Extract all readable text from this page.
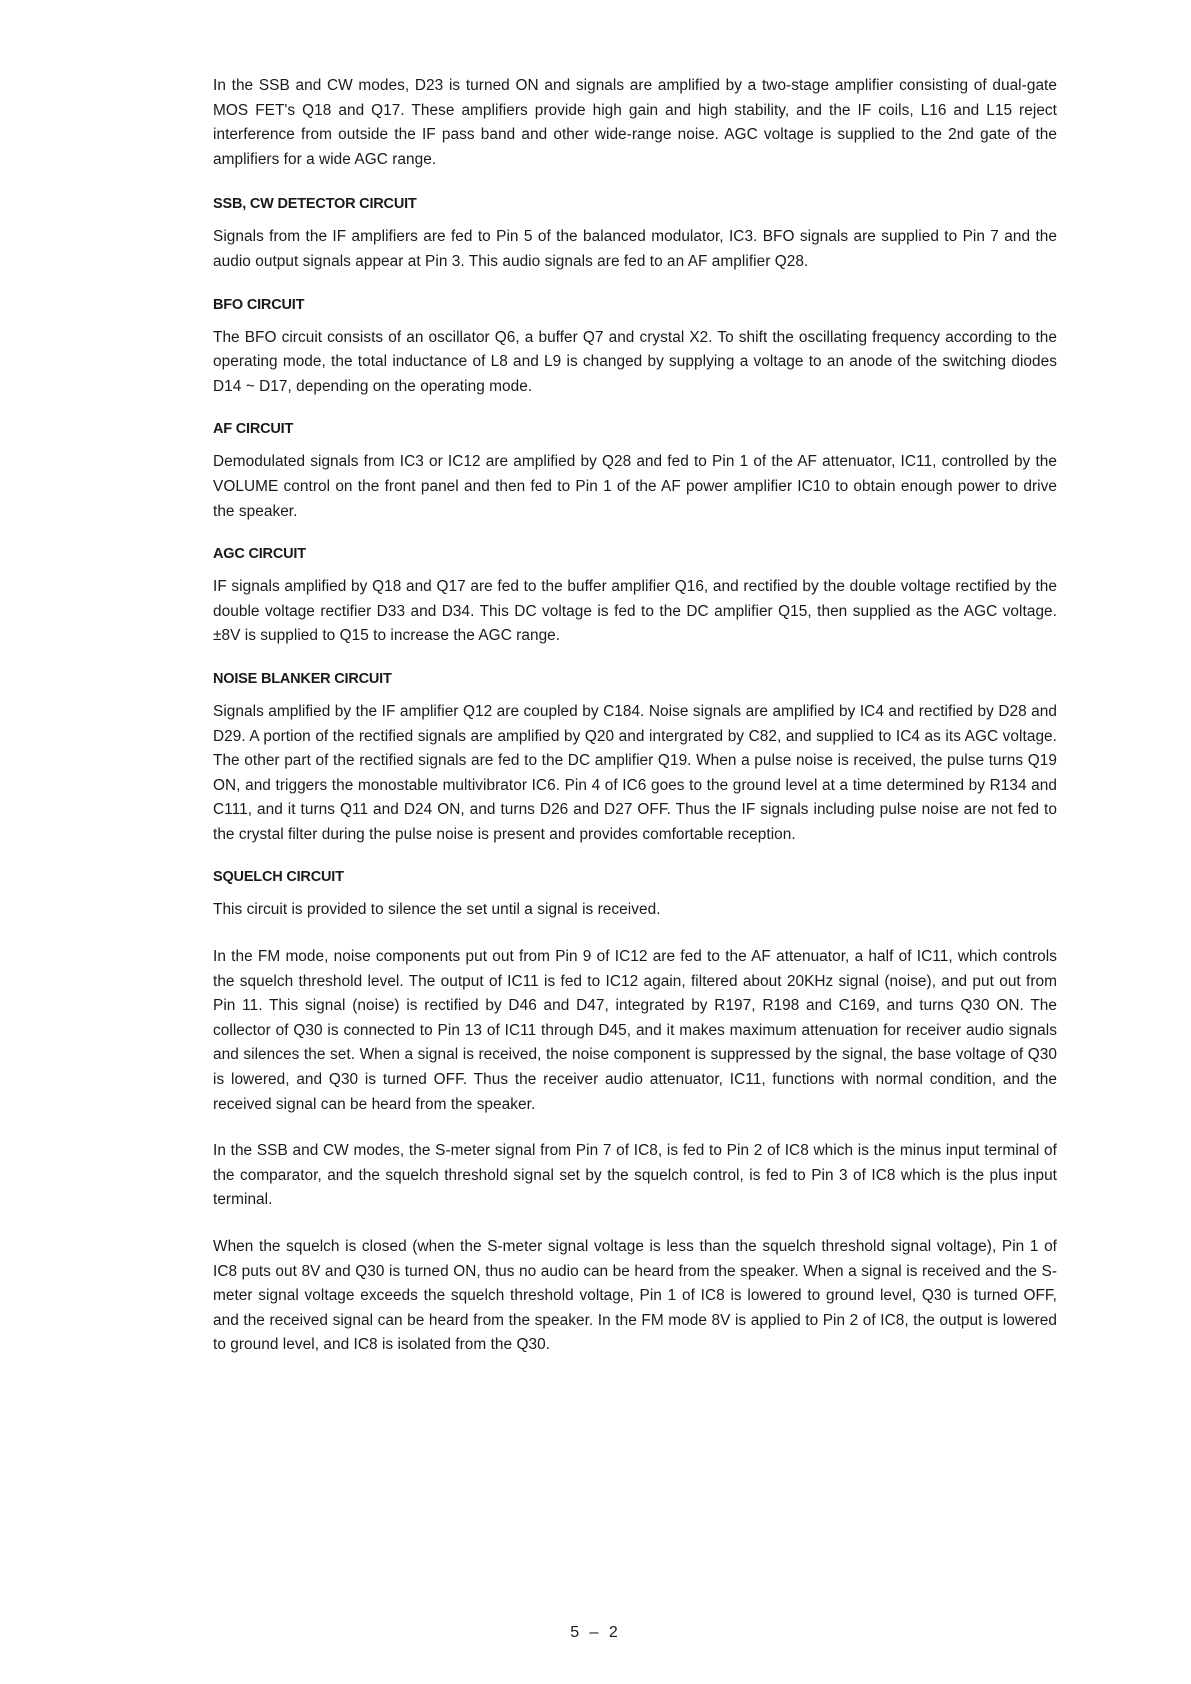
In the SSB and CW modes, D23 is turned ON and signals are amplified by a two-stage amplifier consisting of dual-gate MOS FET's Q18 and Q17. These amplifiers provide high gain and high stability, and the IF coils, L16 and L15 reject interference from outside the IF pass band and other wide-range noise. AGC voltage is supplied to the 2nd gate of the amplifiers for a wide AGC range.

SSB, CW DETECTOR CIRCUIT

Signals from the IF amplifiers are fed to Pin 5 of the balanced modulator, IC3. BFO signals are supplied to Pin 7 and the audio output signals appear at Pin 3. This audio signals are fed to an AF amplifier Q28.

BFO CIRCUIT

The BFO circuit consists of an oscillator Q6, a buffer Q7 and crystal X2. To shift the oscillating frequency according to the operating mode, the total inductance of L8 and L9 is changed by supplying a voltage to an anode of the switching diodes D14 ~ D17, depending on the operating mode.

AF CIRCUIT

Demodulated signals from IC3 or IC12 are amplified by Q28 and fed to Pin 1 of the AF attenuator, IC11, controlled by the VOLUME control on the front panel and then fed to Pin 1 of the AF power amplifier IC10 to obtain enough power to drive the speaker.

AGC CIRCUIT

IF signals amplified by Q18 and Q17 are fed to the buffer amplifier Q16, and rectified by the double voltage rectified by the double voltage rectifier D33 and D34. This DC voltage is fed to the DC amplifier Q15, then supplied as the AGC voltage. ±8V is supplied to Q15 to increase the AGC range.

NOISE BLANKER CIRCUIT

Signals amplified by the IF amplifier Q12 are coupled by C184. Noise signals are amplified by IC4 and rectified by D28 and D29. A portion of the rectified signals are amplified by Q20 and intergrated by C82, and supplied to IC4 as its AGC voltage. The other part of the rectified signals are fed to the DC amplifier Q19. When a pulse noise is received, the pulse turns Q19 ON, and triggers the monostable multivibrator IC6. Pin 4 of IC6 goes to the ground level at a time determined by R134 and C111, and it turns Q11 and D24 ON, and turns D26 and D27 OFF. Thus the IF signals including pulse noise are not fed to the crystal filter during the pulse noise is present and provides comfortable reception.

SQUELCH CIRCUIT

This circuit is provided to silence the set until a signal is received.

In the FM mode, noise components put out from Pin 9 of IC12 are fed to the AF attenuator, a half of IC11, which controls the squelch threshold level. The output of IC11 is fed to IC12 again, filtered about 20KHz signal (noise), and put out from Pin 11. This signal (noise) is rectified by D46 and D47, integrated by R197, R198 and C169, and turns Q30 ON. The collector of Q30 is connected to Pin 13 of IC11 through D45, and it makes maximum attenuation for receiver audio signals and silences the set. When a signal is received, the noise component is suppressed by the signal, the base voltage of Q30 is lowered, and Q30 is turned OFF. Thus the receiver audio attenuator, IC11, functions with normal condition, and the received signal can be heard from the speaker.

In the SSB and CW modes, the S-meter signal from Pin 7 of IC8, is fed to Pin 2 of IC8 which is the minus input terminal of the comparator, and the squelch threshold signal set by the squelch control, is fed to Pin 3 of IC8 which is the plus input terminal.

When the squelch is closed (when the S-meter signal voltage is less than the squelch threshold signal voltage), Pin 1 of IC8 puts out 8V and Q30 is turned ON, thus no audio can be heard from the speaker. When a signal is received and the S-meter signal voltage exceeds the squelch threshold voltage, Pin 1 of IC8 is lowered to ground level, Q30 is turned OFF, and the received signal can be heard from the speaker. In the FM mode 8V is applied to Pin 2 of IC8, the output is lowered to ground level, and IC8 is isolated from the Q30.

5 – 2
